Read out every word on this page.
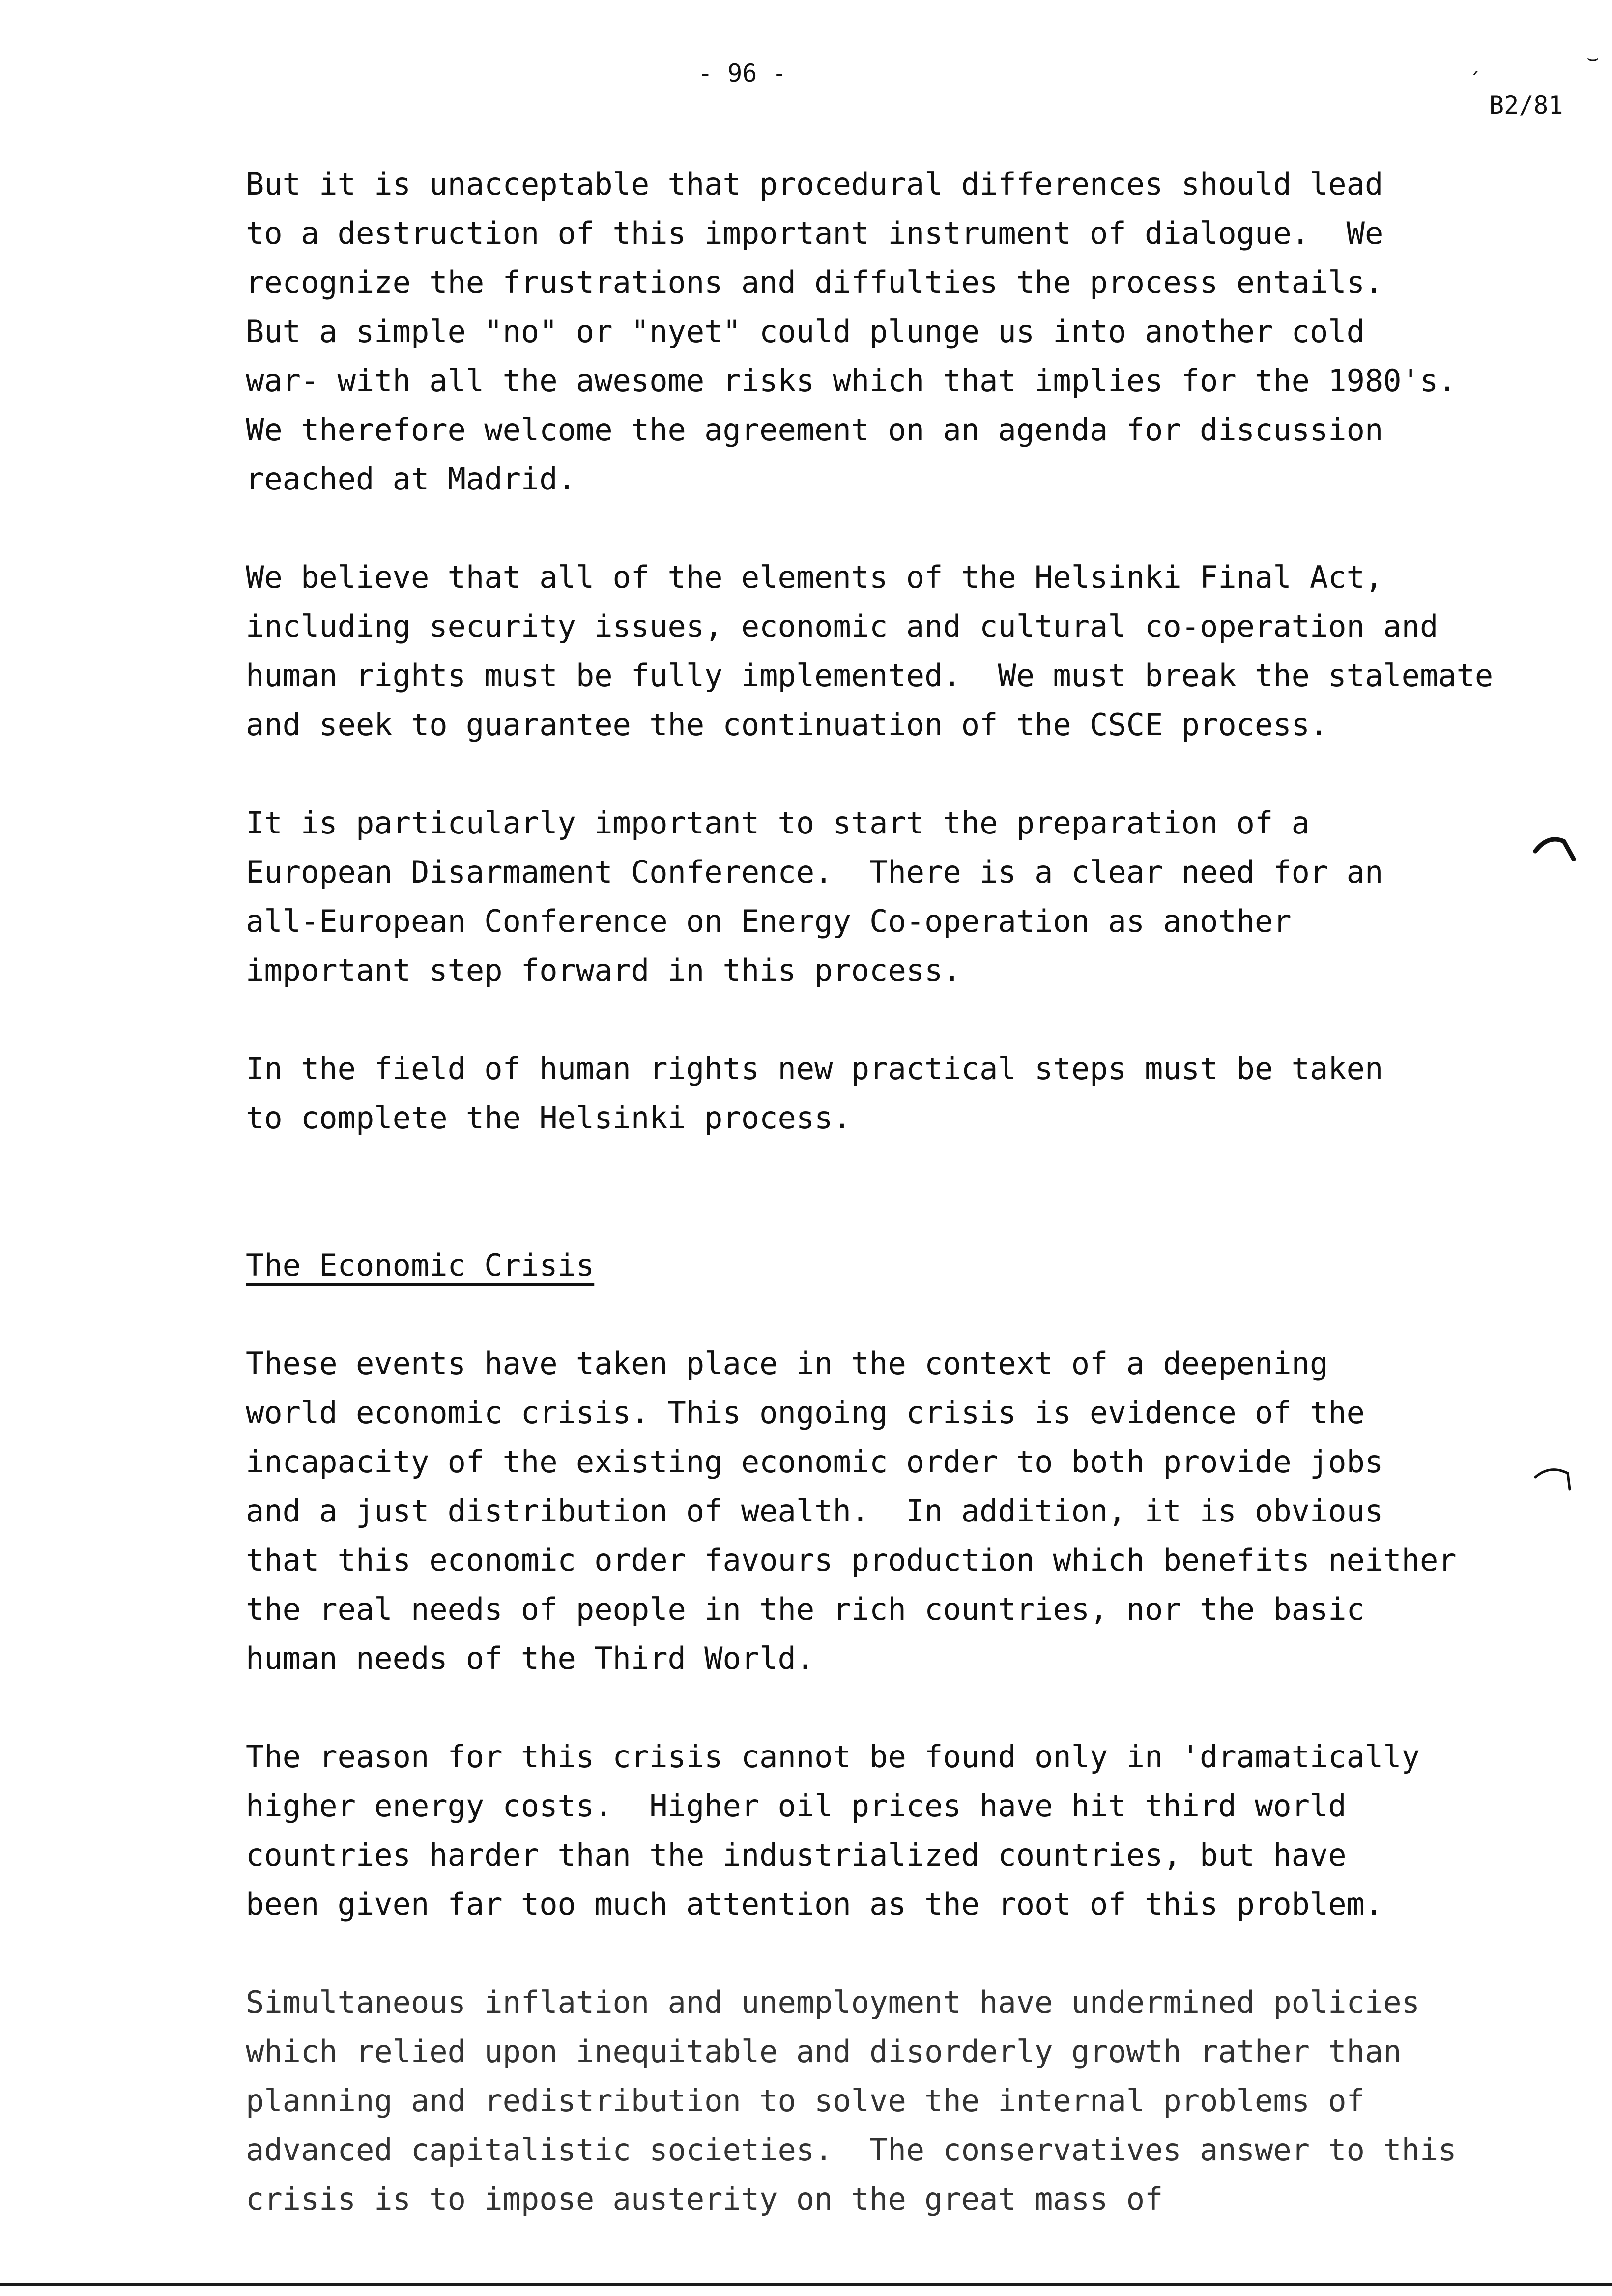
- 96 -
B2/81
ˏ	⌣
But it is unacceptable that procedural differences should lead
to a destruction of this important instrument of dialogue.  We
recognize the frustrations and diffulties the process entails.
But a simple "no" or "nyet" could plunge us into another cold
war- with all the awesome risks which that implies for the 1980's.
We therefore welcome the agreement on an agenda for discussion
reached at Madrid.
We believe that all of the elements of the Helsinki Final Act,
including security issues, economic and cultural co-operation and
human rights must be fully implemented.  We must break the stalemate
and seek to guarantee the continuation of the CSCE process.
It is particularly important to start the preparation of a
European Disarmament Conference.  There is a clear need for an
all-European Conference on Energy Co-operation as another
important step forward in this process.
In the field of human rights new practical steps must be taken
to complete the Helsinki process.
The Economic Crisis
These events have taken place in the context of a deepening
world economic crisis. This ongoing crisis is evidence of the
incapacity of the existing economic order to both provide jobs
and a just distribution of wealth.  In addition, it is obvious
that this economic order favours production which benefits neither
the real needs of people in the rich countries, nor the basic
human needs of the Third World.
The reason for this crisis cannot be found only in 'dramatically
higher energy costs.  Higher oil prices have hit third world
countries harder than the industrialized countries, but have
been given far too much attention as the root of this problem.
Simultaneous inflation and unemployment have undermined policies
which relied upon inequitable and disorderly growth rather than
planning and redistribution to solve the internal problems of
advanced capitalistic societies.  The conservatives answer to this
crisis is to impose austerity on the great mass of
